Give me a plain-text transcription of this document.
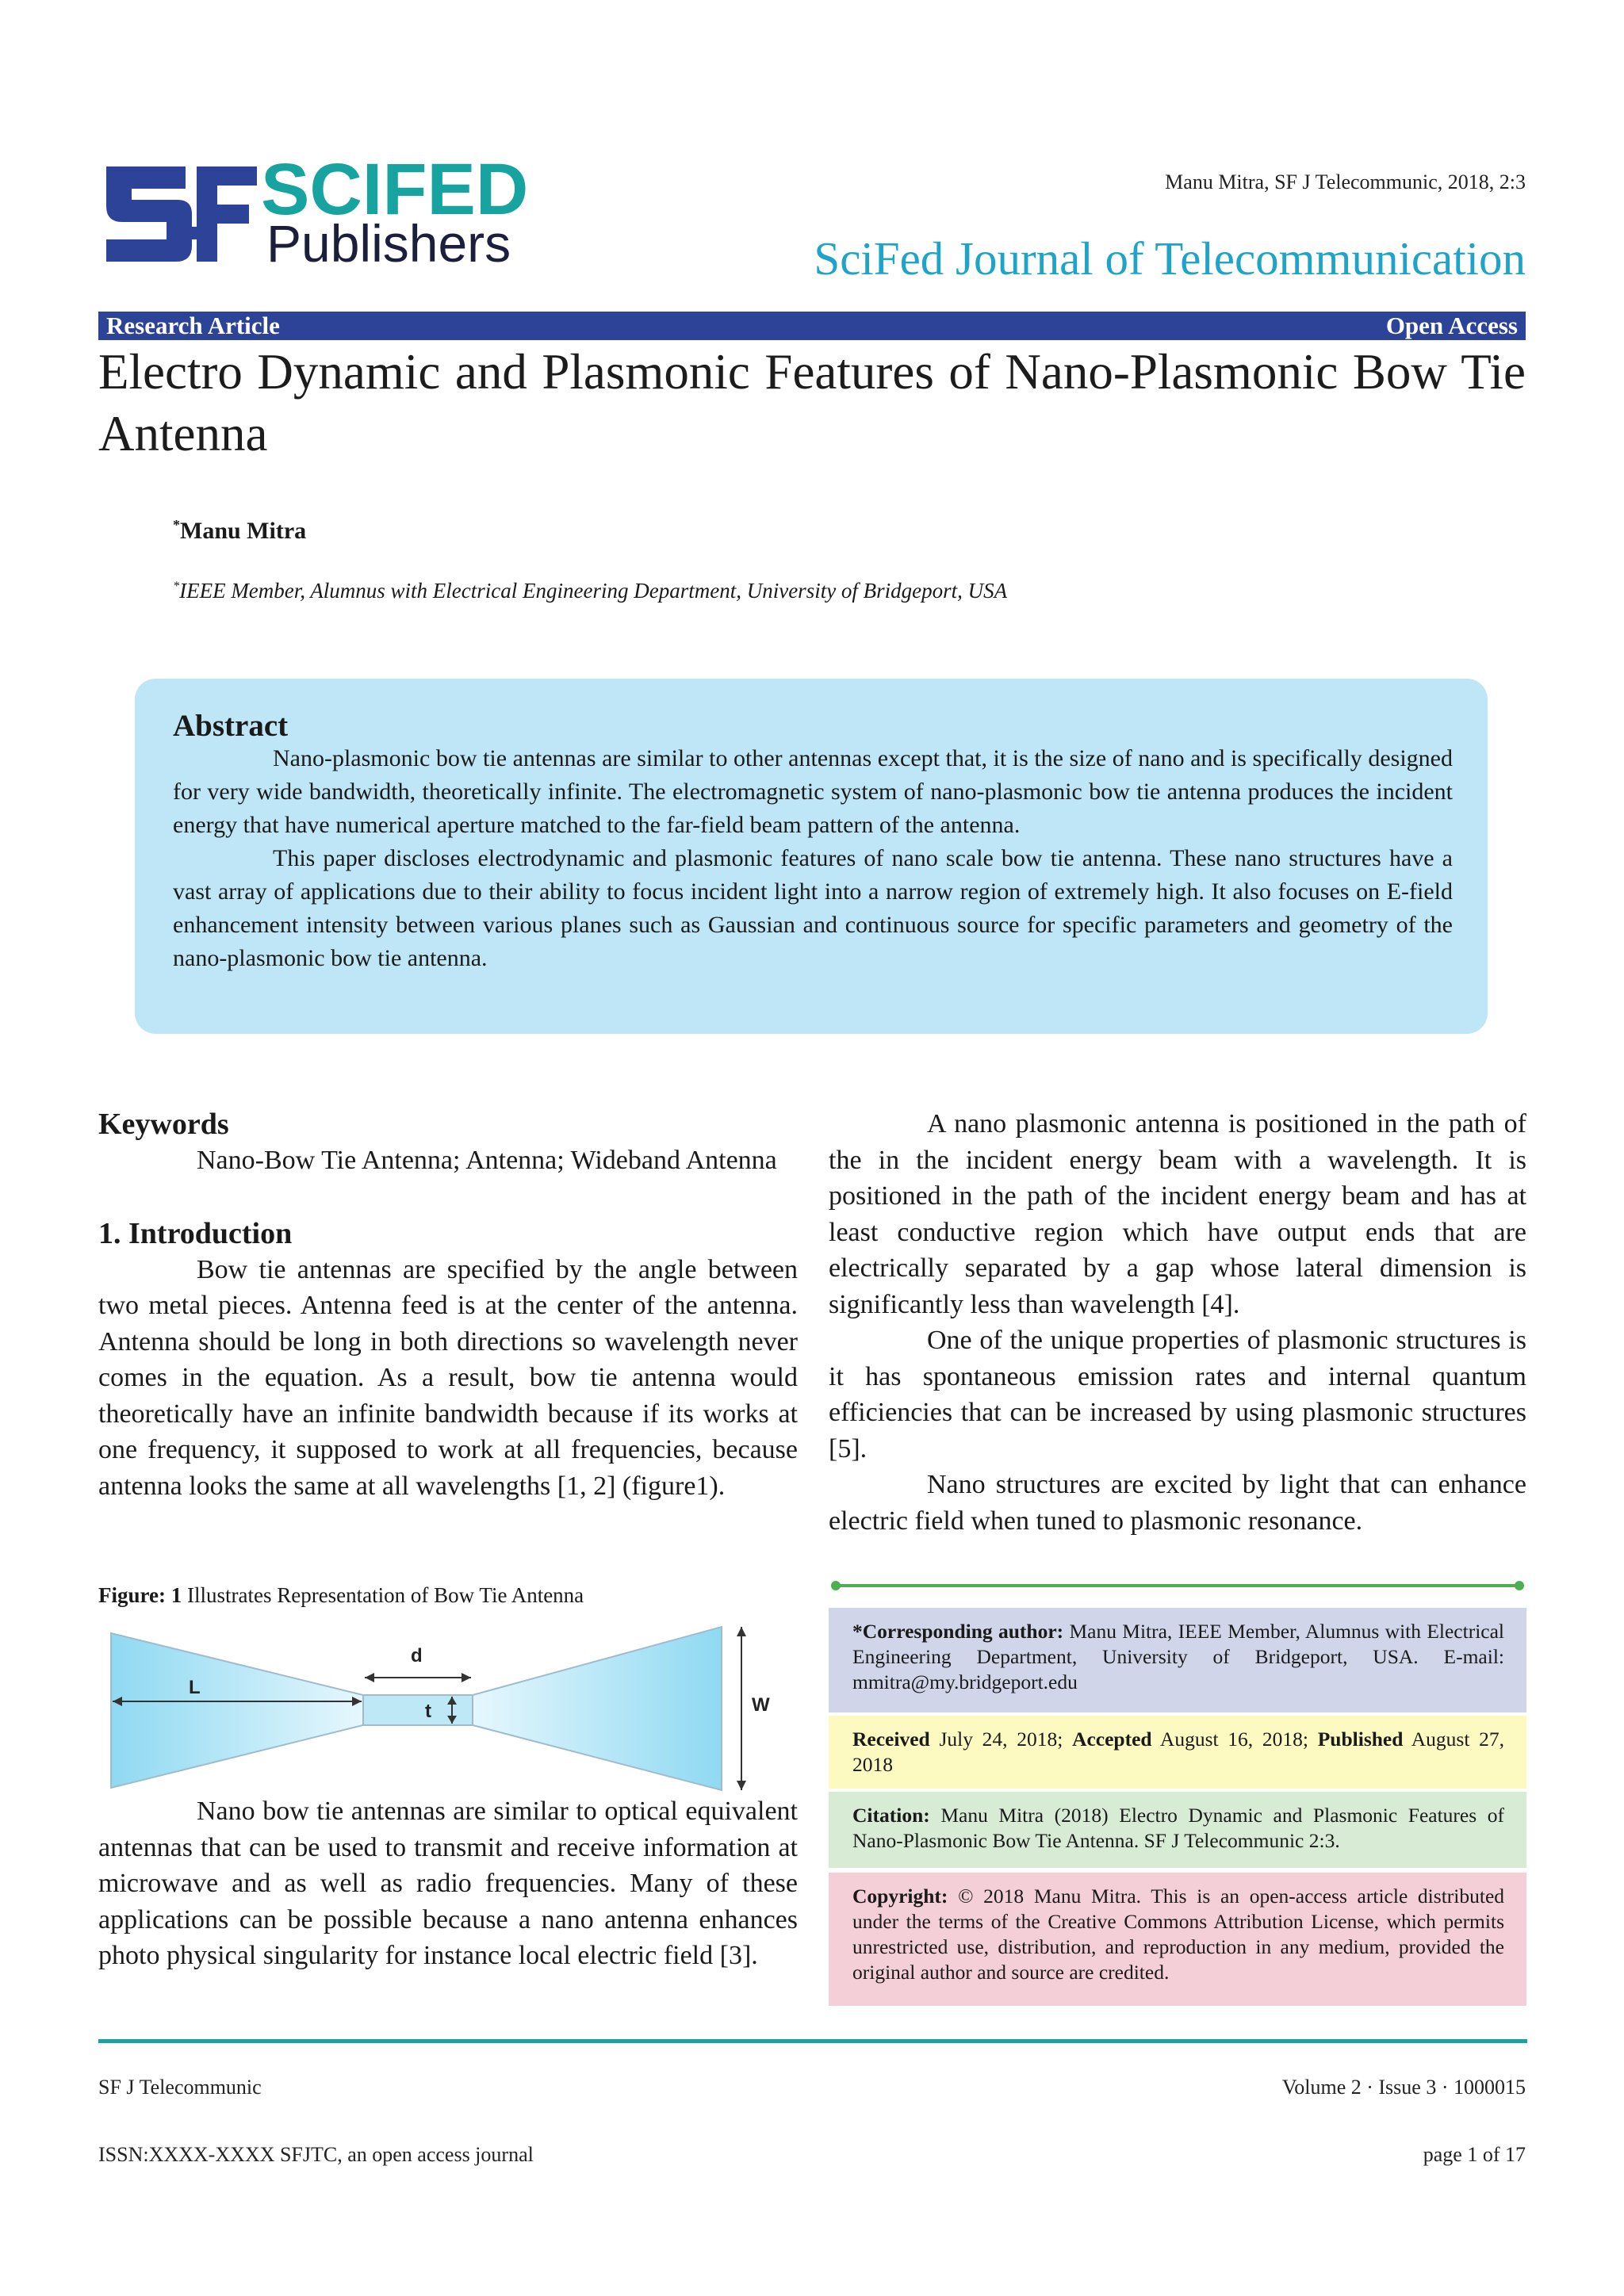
SCIFED
Publishers
Manu Mitra, SF J Telecommunic, 2018, 2:3
SciFed Journal of Telecommunication
Research Article	Open Access
Electro Dynamic and Plasmonic Features of Nano-Plasmonic Bow Tie Antenna
*Manu Mitra
*IEEE Member, Alumnus with Electrical Engineering Department, University of Bridgeport, USA
Abstract

Nano-plasmonic bow tie antennas are similar to other antennas except that, it is the size of nano and is specifically designed for very wide bandwidth, theoretically infinite. The electromagnetic system of nano-plasmonic bow tie antenna produces the incident energy that have numerical aperture matched to the far-field beam pattern of the antenna.

This paper discloses electrodynamic and plasmonic features of nano scale bow tie antenna. These nano structures have a vast array of applications due to their ability to focus incident light into a narrow region of extremely high. It also focuses on E-field enhancement intensity between various planes such as Gaussian and continuous source for specific parameters and geometry of the nano-plasmonic bow tie antenna.

Keywords

Nano-Bow Tie Antenna; Antenna; Wideband Antenna

1. Introduction

Bow tie antennas are specified by the angle between two metal pieces. Antenna feed is at the center of the antenna. Antenna should be long in both directions so wavelength never comes in the equation. As a result, bow tie antenna would theoretically have an infinite bandwidth because if its works at one frequency, it supposed to work at all frequencies, because antenna looks the same at all wavelengths [1, 2] (figure1).

Figure: 1 Illustrates Representation of Bow Tie Antenna
L
d
t	W

Nano bow tie antennas are similar to optical equivalent antennas that can be used to transmit and receive information at microwave and as well as radio frequencies. Many of these applications can be possible because a nano antenna enhances photo physical singularity for instance local electric field [3].

A nano plasmonic antenna is positioned in the path of the in the incident energy beam with a wavelength. It is positioned in the path of the incident energy beam and has at least conductive region which have output ends that are electrically separated by a gap whose lateral dimension is significantly less than wavelength [4].

One of the unique properties of plasmonic structures is it has spontaneous emission rates and internal quantum efficiencies that can be increased by using plasmonic structures [5].

Nano structures are excited by light that can enhance electric field when tuned to plasmonic resonance.

*Corresponding author: Manu Mitra, IEEE Member, Alumnus with Electrical Engineering Department, University of Bridgeport, USA. E-mail: mmitra@my.bridgeport.edu
Received July 24, 2018; Accepted August 16, 2018; Published August 27, 2018
Citation: Manu Mitra (2018) Electro Dynamic and Plasmonic Features of Nano-Plasmonic Bow Tie Antenna. SF J Telecommunic 2:3.
Copyright: © 2018 Manu Mitra. This is an open-access article distributed under the terms of the Creative Commons Attribution License, which permits unrestricted use, distribution, and reproduction in any medium, provided the original author and source are credited.
SF J Telecommunic	Volume 2 · Issue 3 · 1000015
ISSN:XXXX-XXXX SFJTC, an open access journal	page 1 of 17
